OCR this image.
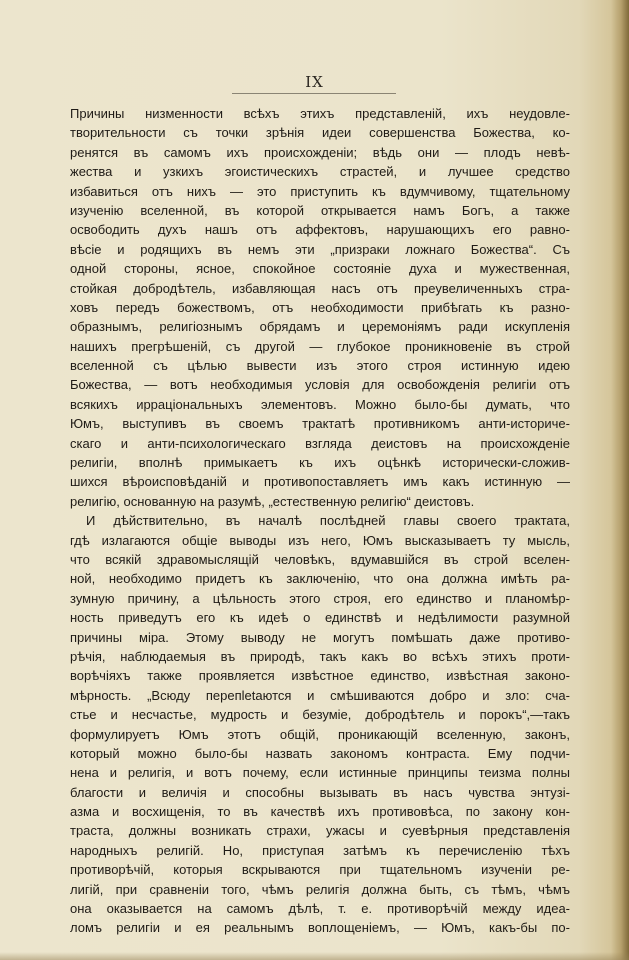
IX
Причины низменности всѣхъ этихъ представленій, ихъ неудовле-
творительности съ точки зрѣнія идеи совершенства Божества, ко-
ренятся въ самомъ ихъ происхожденіи; вѣдь они — плодъ невѣ-
жества и узкихъ эгоистическихъ страстей, и лучшее средство
избавиться отъ нихъ — это приступить къ вдумчивому, тщательному
изученію вселенной, въ которой открывается намъ Богъ, а также
освободить духъ нашъ отъ аффектовъ, нарушающихъ его равно-
вѣсіе и родящихъ въ немъ эти „призраки ложнаго Божества“. Съ
одной стороны, ясное, спокойное состояніе духа и мужественная,
стойкая добродѣтель, избавляющая насъ отъ преувеличенныхъ стра-
ховъ передъ божествомъ, отъ необходимости прибѣгать къ разно-
образнымъ, религіознымъ обрядамъ и церемоніямъ ради искупленія
нашихъ прегрѣшеній, съ другой — глубокое проникновеніе въ строй
вселенной съ цѣлью вывести изъ этого строя истинную идею
Божества, — вотъ необходимыя условія для освобожденія религіи отъ
всякихъ иррацiональныхъ элементовъ. Можно было-бы думать, что
Юмъ, выступивъ въ своемъ трактатѣ противникомъ анти-историче-
скаго и анти-психологическаго взгляда деистовъ на происхожденіе
религіи, вполнѣ примыкаетъ къ ихъ оцѣнкѣ исторически-сложив-
шихся вѣроисповѣданій и противопоставляетъ имъ какъ истинную —
религію, основанную на разумѣ, „естественную религію“ деистовъ.
И дѣйствительно, въ началѣ послѣдней главы своего трактата,
гдѣ излагаются общіе выводы изъ него, Юмъ высказываетъ ту мысль,
что всякій здравомыслящій человѣкъ, вдумавшійся въ строй вселен-
ной, необходимо придетъ къ заключенію, что она должна имѣть ра-
зумную причину, а цѣльность этого строя, его единство и планомѣр-
ность приведутъ его къ идеѣ о единствѣ и недѣлимости разумной
причины міра. Этому выводу не могутъ помѣшать даже противо-
рѣчія, наблюдаемыя въ природѣ, такъ какъ во всѣхъ этихъ проти-
ворѣчіяхъ также проявляется извѣстное единство, извѣстная законо-
мѣрность. „Всюду перепletаются и смѣшиваются добро и зло: сча-
стье и несчастье, мудрость и безуміе, добродѣтель и порокъ“,—такъ
формулируетъ Юмъ этотъ общій, проникающій вселенную, законъ,
который можно было-бы назвать закономъ контраста. Ему подчи-
нена и религія, и вотъ почему, если истинные принципы теизма полны
благости и величія и способны вызывать въ насъ чувства энтузі-
азма и восхищенія, то въ качествѣ ихъ противовѣса, по закону кон-
траста, должны возникать страхи, ужасы и суевѣрныя представленія
народныхъ религій. Но, приступая затѣмъ къ перечисленію тѣхъ
противорѣчій, которыя вскрываются при тщательномъ изученіи ре-
лигій, при сравненіи того, чѣмъ религія должна быть, съ тѣмъ, чѣмъ
она оказывается на самомъ дѣлѣ, т. е. противорѣчій между идеа-
ломъ религіи и ея реальнымъ воплощеніемъ, — Юмъ, какъ-бы по-
